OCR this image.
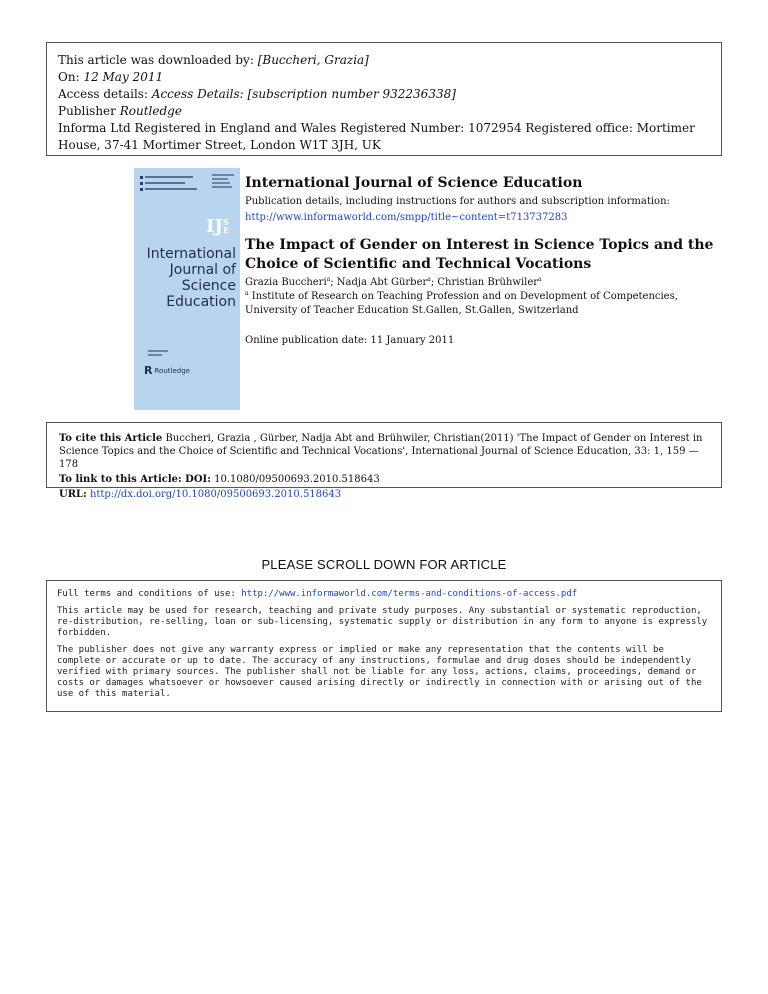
This article was downloaded by: [Buccheri, Grazia]
On: 12 May 2011
Access details: Access Details: [subscription number 932236338]
Publisher Routledge
Informa Ltd Registered in England and Wales Registered Number: 1072954 Registered office: Mortimer House, 37-41 Mortimer Street, London W1T 3JH, UK
IJS
E
International
Journal of
Science
Education
R Routledge
International Journal of Science Education
Publication details, including instructions for authors and subscription information:
http://www.informaworld.com/smpp/title~content=t713737283
The Impact of Gender on Interest in Science Topics and the Choice of Scientific and Technical Vocations
Grazia Buccheri$^a$; Nadja Abt Gürber$^a$; Christian Brühwiler$^a$
$^a$ Institute of Research on Teaching Profession and on Development of Competencies, University of Teacher Education St.Gallen, St.Gallen, Switzerland
Online publication date: 11 January 2011
To cite this Article Buccheri, Grazia , Gürber, Nadja Abt and Brühwiler, Christian(2011) 'The Impact of Gender on Interest in Science Topics and the Choice of Scientific and Technical Vocations', International Journal of Science Education, 33: 1, 159 — 178
To link to this Article: DOI: 10.1080/09500693.2010.518643
URL: http://dx.doi.org/10.1080/09500693.2010.518643
PLEASE SCROLL DOWN FOR ARTICLE

Full terms and conditions of use: http://www.informaworld.com/terms-and-conditions-of-access.pdf

This article may be used for research, teaching and private study purposes. Any substantial or systematic reproduction, re-distribution, re-selling, loan or sub-licensing, systematic supply or distribution in any form to anyone is expressly forbidden.

The publisher does not give any warranty express or implied or make any representation that the contents will be complete or accurate or up to date. The accuracy of any instructions, formulae and drug doses should be independently verified with primary sources. The publisher shall not be liable for any loss, actions, claims, proceedings, demand or costs or damages whatsoever or howsoever caused arising directly or indirectly in connection with or arising out of the use of this material.
